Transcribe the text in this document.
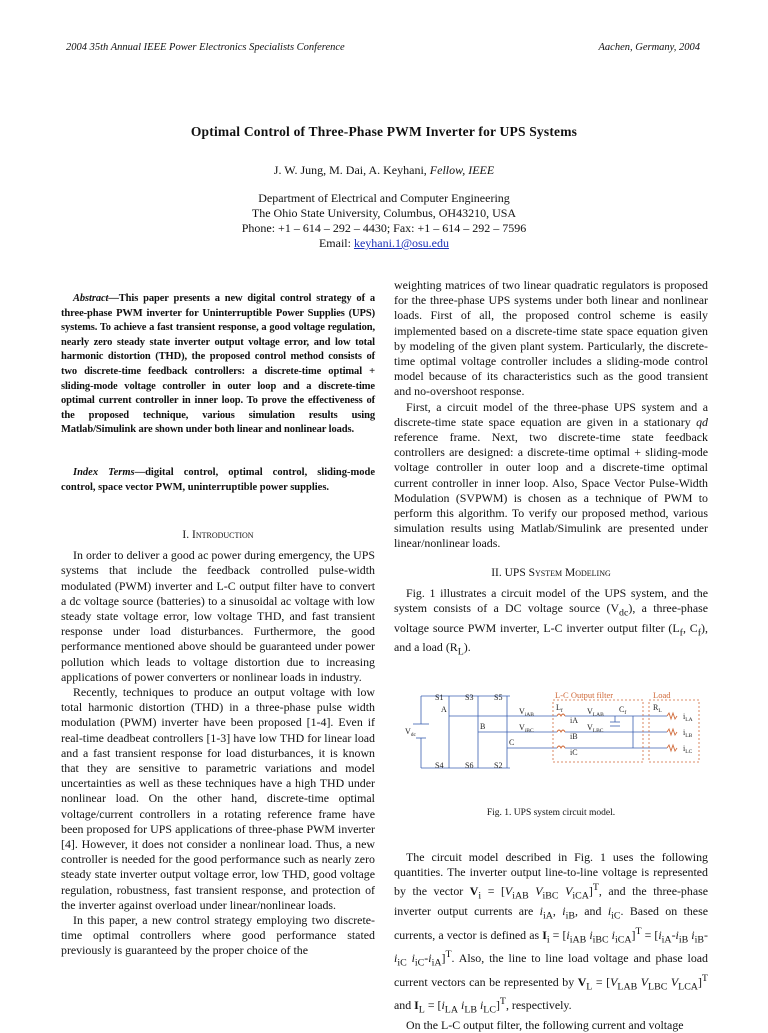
2004 35th Annual IEEE Power Electronics Specialists Conference	Aachen, Germany, 2004
Optimal Control of Three-Phase PWM Inverter for UPS Systems
J. W. Jung, M. Dai, A. Keyhani, Fellow, IEEE
Department of Electrical and Computer Engineering
The Ohio State University, Columbus, OH43210, USA
Phone: +1 – 614 – 292 – 4430; Fax: +1 – 614 – 292 – 7596
Email: keyhani.1@osu.edu

Abstract—This paper presents a new digital control strategy of a three-phase PWM inverter for Uninterruptible Power Supplies (UPS) systems. To achieve a fast transient response, a good voltage regulation, nearly zero steady state inverter output voltage error, and low total harmonic distortion (THD), the proposed control method consists of two discrete-time feedback controllers: a discrete-time optimal + sliding-mode voltage controller in outer loop and a discrete-time optimal current controller in inner loop. To prove the effectiveness of the proposed technique, various simulation results using Matlab/Simulink are shown under both linear and nonlinear loads.

Index Terms—digital control, optimal control, sliding-mode control, space vector PWM, uninterruptible power supplies.

I. Introduction

In order to deliver a good ac power during emergency, the UPS systems that include the feedback controlled pulse-width modulated (PWM) inverter and L-C output filter have to convert a dc voltage source (batteries) to a sinusoidal ac voltage with low steady state voltage error, low voltage THD, and fast transient response under load disturbances. Furthermore, the good performance mentioned above should be guaranteed under power pollution which leads to voltage distortion due to increasing applications of power converters or nonlinear loads in industry.

Recently, techniques to produce an output voltage with low total harmonic distortion (THD) in a three-phase pulse width modulation (PWM) inverter have been proposed [1-4]. Even if real-time deadbeat controllers [1-3] have low THD for linear load and a fast transient response for load disturbances, it is known that they are sensitive to parametric variations and model uncertainties as well as these techniques have a high THD under nonlinear load. On the other hand, discrete-time optimal voltage/current controllers in a rotating reference frame have been proposed for UPS applications of three-phase PWM inverter [4]. However, it does not consider a nonlinear load. Thus, a new controller is needed for the good performance such as nearly zero steady state inverter output voltage error, low THD, good voltage regulation, robustness, fast transient response, and protection of the inverter against overload under linear/nonlinear loads.

In this paper, a new control strategy employing two discrete-time optimal controllers where good performance stated previously is guaranteed by the proper choice of the

weighting matrices of two linear quadratic regulators is proposed for the three-phase UPS systems under both linear and nonlinear loads. First of all, the proposed control scheme is easily implemented based on a discrete-time state space equation given by modeling of the given plant system. Particularly, the discrete-time optimal voltage controller includes a sliding-mode control model because of its characteristics such as the good transient and no-overshoot response.

First, a circuit model of the three-phase UPS system and a discrete-time state space equation are given in a stationary qd reference frame. Next, two discrete-time state feedback controllers are designed: a discrete-time optimal + sliding-mode voltage controller in outer loop and a discrete-time optimal current controller in inner loop. Also, Space Vector Pulse-Width Modulation (SVPWM) is chosen as a technique of PWM to perform this algorithm. To verify our proposed method, various simulation results using Matlab/Simulink are presented under linear/nonlinear loads.

II. UPS System Modeling

Fig. 1 illustrates a circuit model of the UPS system, and the system consists of a DC voltage source $(V_{dc})$, a three-phase voltage source PWM inverter, L-C inverter output filter ($L_f$, $C_f$), and a load $(R_L)$.

S1	S3	S5
S4	S6	S2
A
B
C
$V_{dc}$
$V_{iAB}$
$V_{iBC}$
$L_f$	$C_f$
iA
iB
iC
$V_{LAB}$
$V_{LBC}$
$R_L$
$i_{LA}$
$i_{LB}$
$i_{LC}$
L-C Output filter	Load
Fig. 1. UPS system circuit model.

The circuit model described in Fig. 1 uses the following quantities. The inverter output line-to-line voltage is represented by the vector $V_i = [V_{iAB}$ $V_{iBC}$ $V_{iCA}]^T$, and the three-phase inverter output currents are $i_{iA}$, $i_{iB}$, and $i_{iC}$. Based on these currents, a vector is defined as $I_i = [i_{iAB}$ $i_{iBC}$ $i_{iCA}]^T = [i_{iA}-i_{iB}$ $i_{iB}-i_{iC}$ $i_{iC}-i_{iA}]^T$. Also, the line to line load voltage and phase load current vectors can be represented by $V_L = [V_{LAB}$ $V_{LBC}$ $V_{LCA}]^T$ and $I_L = [i_{LA}$ $i_{LB}$ $i_{LC}]^T$, respectively.

On the L-C output filter, the following current and voltage
